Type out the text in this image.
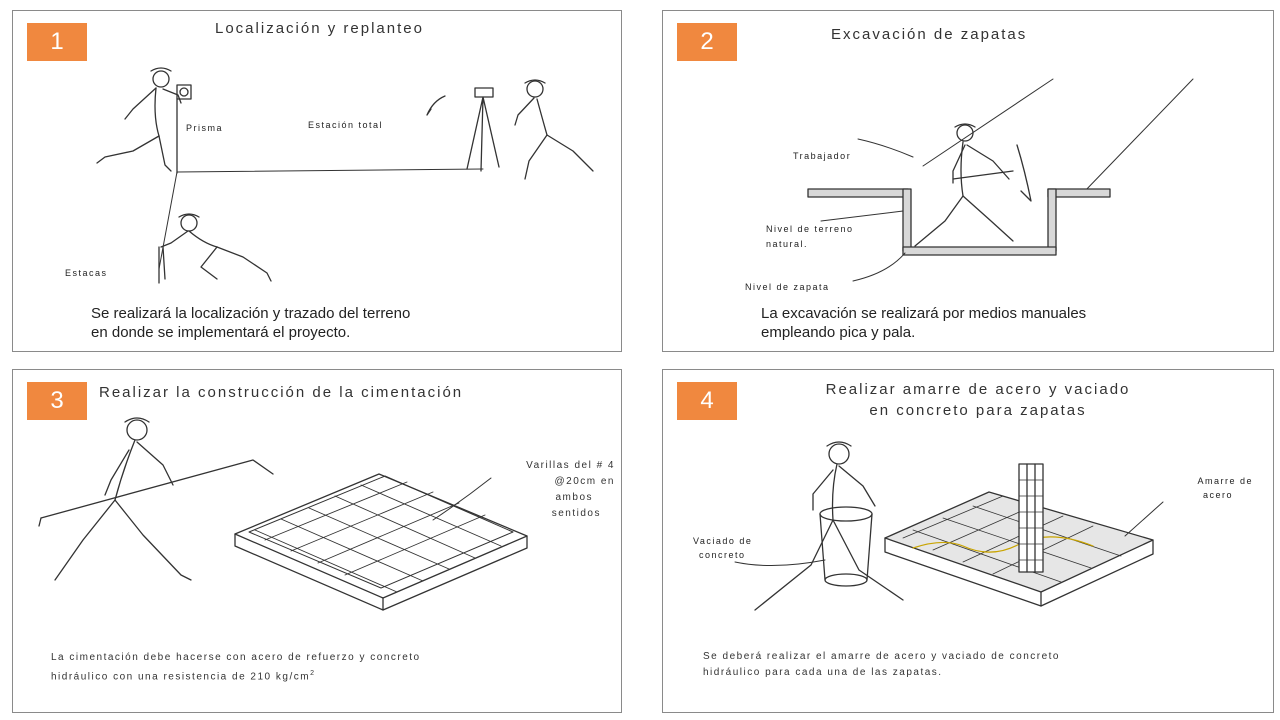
1	Localización y replanteo
Prisma	Estación total
Estacas
Se realizará la localización y trazado del terreno
en donde se implementará el proyecto.
2	Excavación de zapatas
Trabajador
Nivel de terreno
natural.
Nivel de zapata
La excavación se realizará por medios manuales
empleando pica y pala.
3	Realizar la construcción de la cimentación
Varillas del # 4
@20cm en
ambos
sentidos
La cimentación debe hacerse con acero de refuerzo y concreto
hidráulico con una resistencia de 210 $kg/cm^2$
4	Realizar amarre de acero y vaciado
en concreto para zapatas
Vaciado de
concreto
Amarre de
acero
Se deberá realizar el amarre de acero y vaciado de concreto
hidráulico para cada una de las zapatas.
